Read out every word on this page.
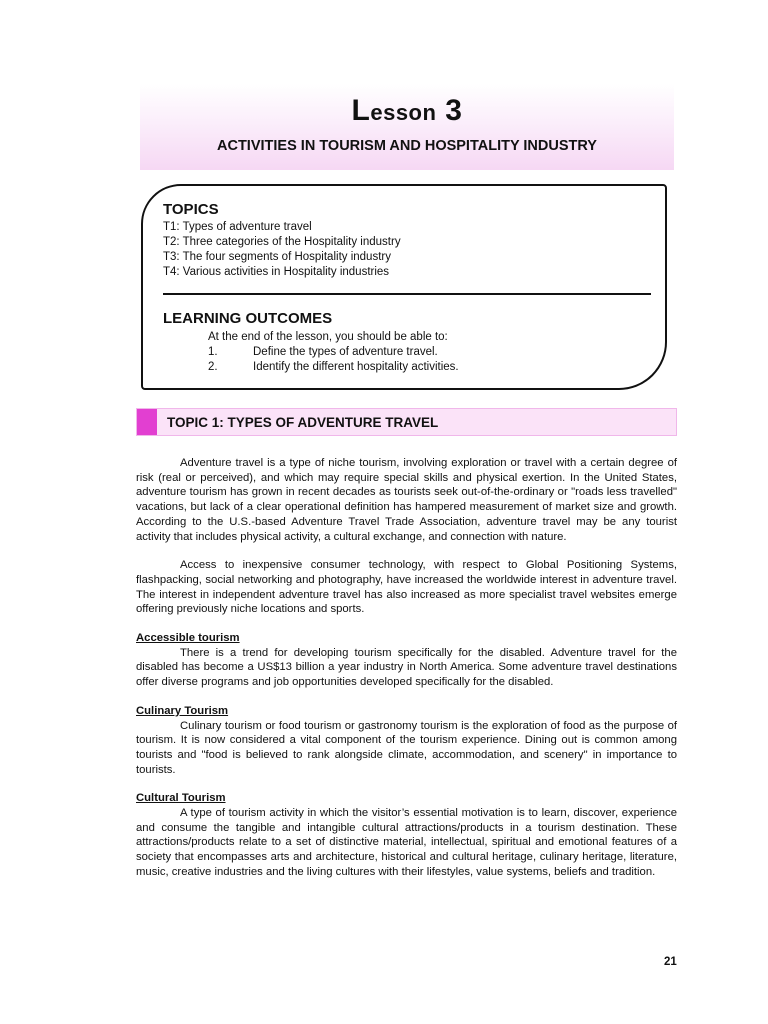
Lesson 3
ACTIVITIES IN TOURISM AND HOSPITALITY INDUSTRY
TOPICS
T1: Types of adventure travel
T2: Three categories of the Hospitality industry
T3: The four segments of Hospitality industry
T4: Various activities in Hospitality industries
LEARNING OUTCOMES
At the end of the lesson, you should be able to:
1.	Define the types of adventure travel.
2.	Identify the different hospitality activities.
TOPIC 1: TYPES OF ADVENTURE TRAVEL

Adventure travel is a type of niche tourism, involving exploration or travel with a certain degree of risk (real or perceived), and which may require special skills and physical exertion. In the United States, adventure tourism has grown in recent decades as tourists seek out-of-the-ordinary or "roads less travelled" vacations, but lack of a clear operational definition has hampered measurement of market size and growth. According to the U.S.-based Adventure Travel Trade Association, adventure travel may be any tourist activity that includes physical activity, a cultural exchange, and connection with nature.

Access to inexpensive consumer technology, with respect to Global Positioning Systems, flashpacking, social networking and photography, have increased the worldwide interest in adventure travel. The interest in independent adventure travel has also increased as more specialist travel websites emerge offering previously niche locations and sports.

Accessible tourism

There is a trend for developing tourism specifically for the disabled. Adventure travel for the disabled has become a US$13 billion a year industry in North America. Some adventure travel destinations offer diverse programs and job opportunities developed specifically for the disabled.

Culinary Tourism

Culinary tourism or food tourism or gastronomy tourism is the exploration of food as the purpose of tourism. It is now considered a vital component of the tourism experience. Dining out is common among tourists and "food is believed to rank alongside climate, accommodation, and scenery" in importance to tourists.

Cultural Tourism

A type of tourism activity in which the visitor’s essential motivation is to learn, discover, experience and consume the tangible and intangible cultural attractions/products in a tourism destination. These attractions/products relate to a set of distinctive material, intellectual, spiritual and emotional features of a society that encompasses arts and architecture, historical and cultural heritage, culinary heritage, literature, music, creative industries and the living cultures with their lifestyles, value systems, beliefs and tradition.

21
